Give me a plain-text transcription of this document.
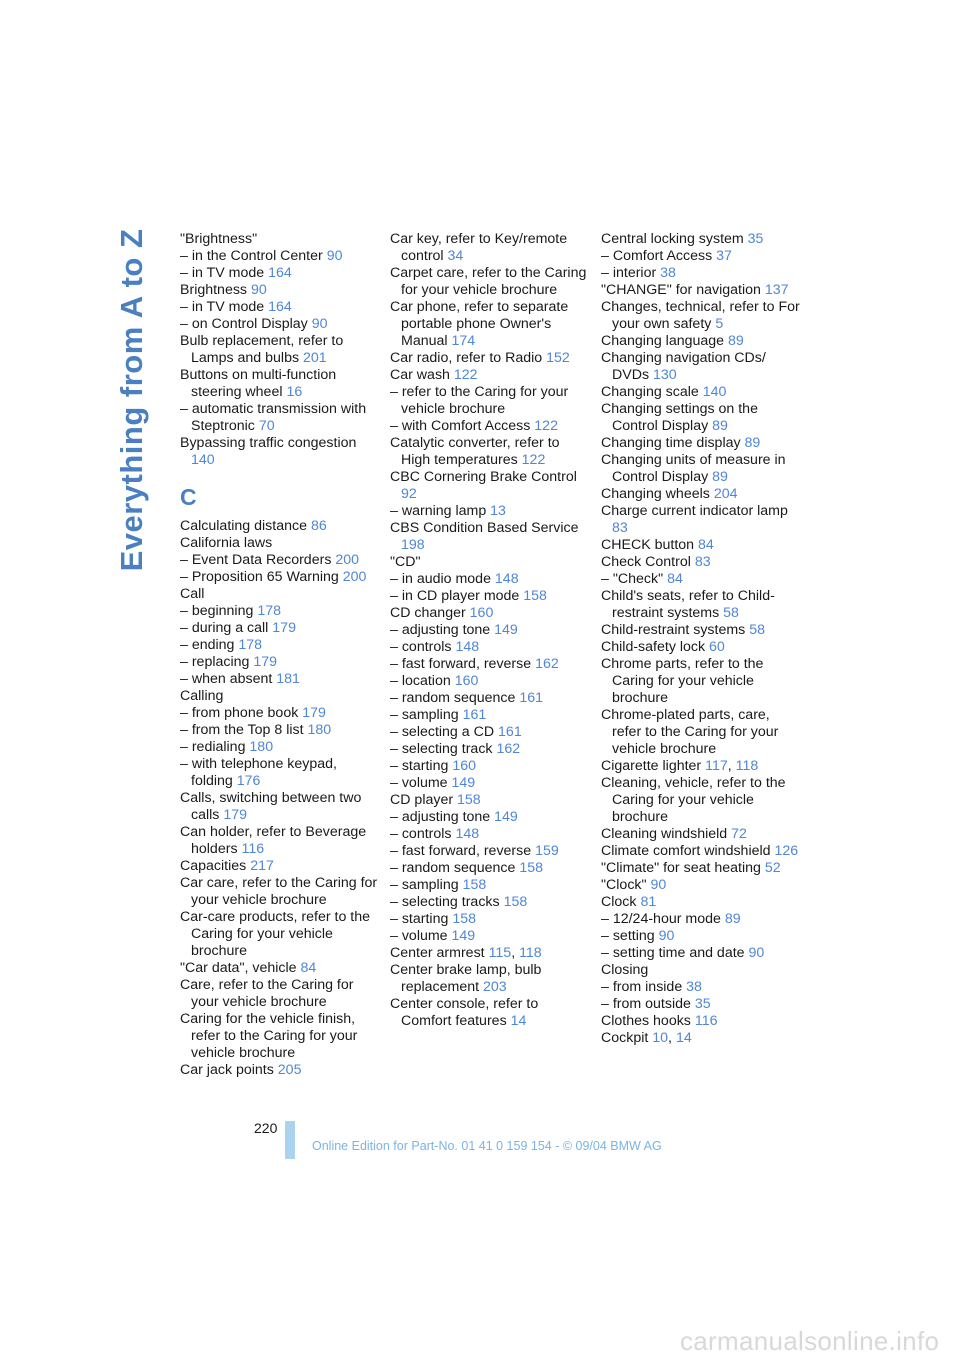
Everything from A to Z "Brightness"
– in the Control Center 90
– in TV mode 164
Brightness 90
– in TV mode 164
– on Control Display 90
Bulb replacement, refer to Lamps and bulbs 201
Buttons on multi-function steering wheel 16
– automatic transmission with Steptronic 70
Bypassing traffic congestion 140
C
Calculating distance 86
California laws
– Event Data Recorders 200
– Proposition 65 Warning 200
Call
– beginning 178
– during a call 179
– ending 178
– replacing 179
– when absent 181
Calling
– from phone book 179
– from the Top 8 list 180
– redialing 180
– with telephone keypad, folding 176
Calls, switching between two calls 179
Can holder, refer to Beverage holders 116
Capacities 217
Car care, refer to the Caring for your vehicle brochure
Car-care products, refer to the Caring for your vehicle brochure
"Car data", vehicle 84
Care, refer to the Caring for your vehicle brochure
Caring for the vehicle finish, refer to the Caring for your vehicle brochure
Car jack points 205
Car key, refer to Key/remote control 34
Carpet care, refer to the Caring for your vehicle brochure
Car phone, refer to separate portable phone Owner's Manual 174
Car radio, refer to Radio 152
Car wash 122
– refer to the Caring for your vehicle brochure
– with Comfort Access 122
Catalytic converter, refer to High temperatures 122
CBC Cornering Brake Control 92
– warning lamp 13
CBS Condition Based Service 198
"CD"
– in audio mode 148
– in CD player mode 158
CD changer 160
– adjusting tone 149
– controls 148
– fast forward, reverse 162
– location 160
– random sequence 161
– sampling 161
– selecting a CD 161
– selecting track 162
– starting 160
– volume 149
CD player 158
– adjusting tone 149
– controls 148
– fast forward, reverse 159
– random sequence 158
– sampling 158
– selecting tracks 158
– starting 158
– volume 149
Center armrest 115, 118
Center brake lamp, bulb replacement 203
Center console, refer to Comfort features 14
Central locking system 35
– Comfort Access 37
– interior 38
"CHANGE" for navigation 137
Changes, technical, refer to For your own safety 5
Changing language 89
Changing navigation CDs/ DVDs 130
Changing scale 140
Changing settings on the Control Display 89
Changing time display 89
Changing units of measure in Control Display 89
Changing wheels 204
Charge current indicator lamp 83
CHECK button 84
Check Control 83
– "Check" 84
Child's seats, refer to Child-restraint systems 58
Child-restraint systems 58
Child-safety lock 60
Chrome parts, refer to the Caring for your vehicle brochure
Chrome-plated parts, care, refer to the Caring for your vehicle brochure
Cigarette lighter 117, 118
Cleaning, vehicle, refer to the Caring for your vehicle brochure
Cleaning windshield 72
Climate comfort windshield 126
"Climate" for seat heating 52
"Clock" 90
Clock 81
– 12/24-hour mode 89
– setting 90
– setting time and date 90
Closing
– from inside 38
– from outside 35
Clothes hooks 116
Cockpit 10, 14
220
Online Edition for Part-No. 01 41 0 159 154 - © 09/04 BMW AG
carmanualsonline.info
